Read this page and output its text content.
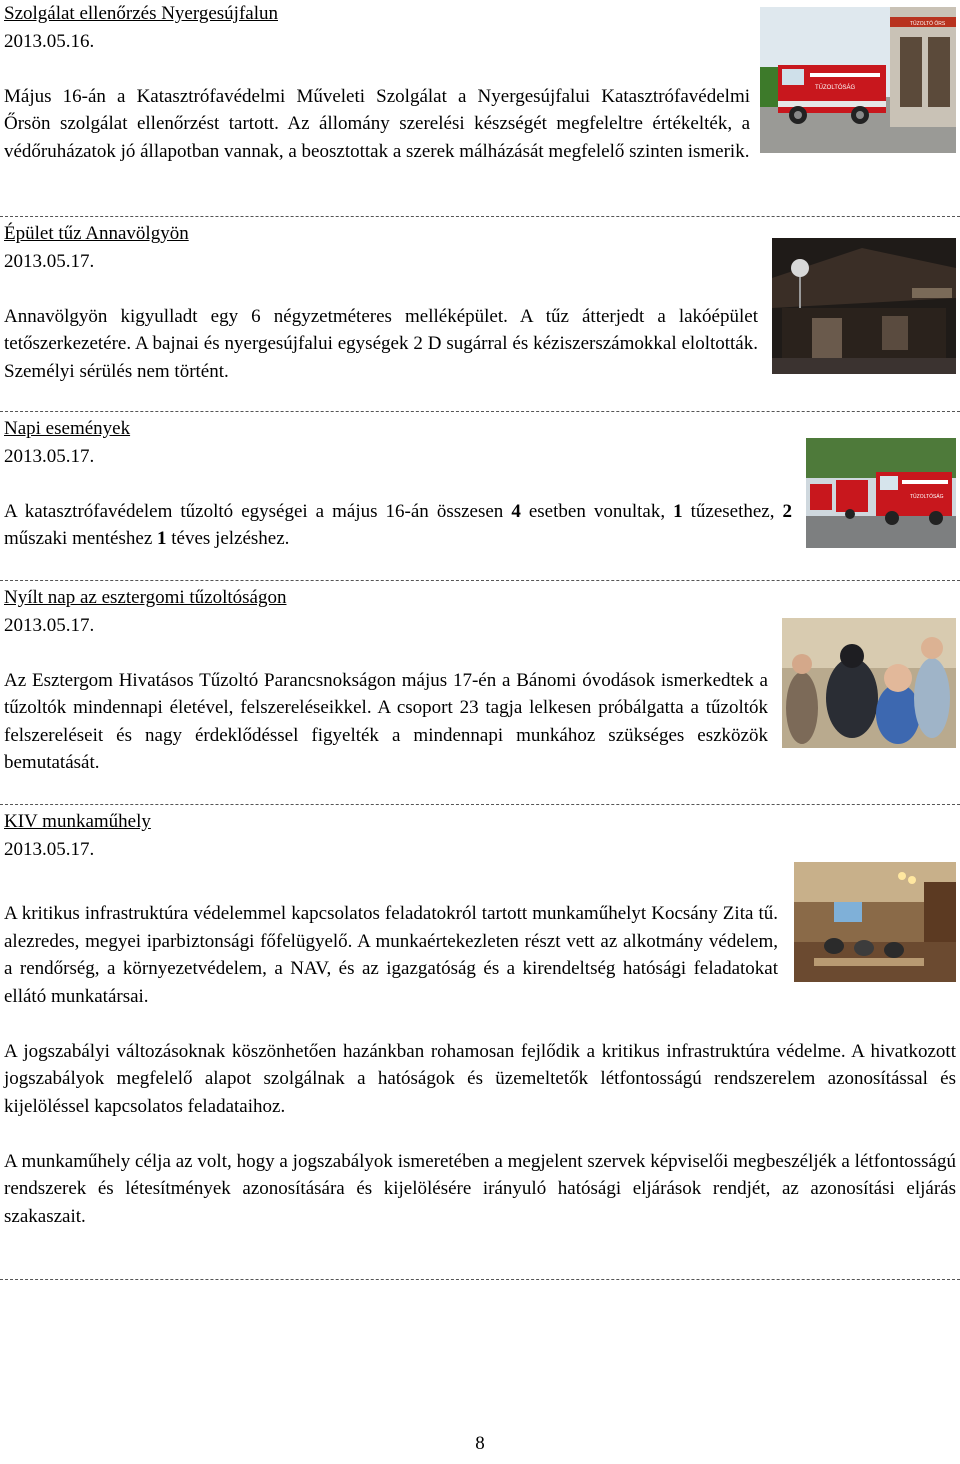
Szolgálat ellenőrzés Nyergesújfalun
2013.05.16.

Május 16-án a Katasztrófavédelmi Műveleti Szolgálat a Nyergesújfalui Katasztrófavédelmi Őrsön szolgálat ellenőrzést tartott. Az állomány szerelési készségét megfeleltre értékelték, a védőruházatok jó állapotban vannak, a beosztottak a szerek málházását megfelelő szinten ismerik.

TŰZOLTÓ ŐRS
TŰZOLTÓSÁG
Épület tűz Annavölgyön
2013.05.17.

Annavölgyön kigyulladt egy 6 négyzetméteres melléképület. A tűz átterjedt a lakóépület tetőszerkezetére. A bajnai és nyergesújfalui egységek 2 D sugárral és kéziszerszámokkal eloltották. Személyi sérülés nem történt.

Napi események
2013.05.17.

A katasztrófavédelem tűzoltó egységei a május 16-án összesen 4 esetben vonultak, 1 tűzesethez, 2 műszaki mentéshez 1 téves jelzéshez.

TŰZOLTÓSÁG
Nyílt nap az esztergomi tűzoltóságon
2013.05.17.

Az Esztergom Hivatásos Tűzoltó Parancsnokságon május 17-én a Bánomi óvodások ismerkedtek a tűzoltók mindennapi életével, felszereléseikkel. A csoport 23 tagja lelkesen próbálgatta a tűzoltók felszereléseit és nagy érdeklődéssel figyelték a mindennapi munkához szükséges eszközök bemutatását.

KIV munkaműhely
2013.05.17.

8

A kritikus infrastruktúra védelemmel kapcsolatos feladatokról tartott munkaműhelyt Kocsány Zita tű. alezredes, megyei iparbiztonsági főfelügyelő. A munkaértekezleten részt vett az alkotmány védelem, a rendőrség, a környezetvédelem, a NAV, és az igazgatóság és a kirendeltség hatósági feladatokat

ellátó munkatársai.

A jogszabályi változásoknak köszönhetően hazánkban rohamosan fejlődik a kritikus infrastruktúra védelme. A hivatkozott jogszabályok megfelelő alapot szolgálnak a hatóságok és üzemeltetők létfontosságú rendszerelem azonosítással és kijelöléssel kapcsolatos feladataihoz.

A munkaműhely célja az volt, hogy a jogszabályok ismeretében a megjelent szervek képviselői megbeszéljék a létfontosságú rendszerek és létesítmények azonosítására és kijelölésére irányuló hatósági eljárások rendjét, az azonosítási eljárás szakaszait.
